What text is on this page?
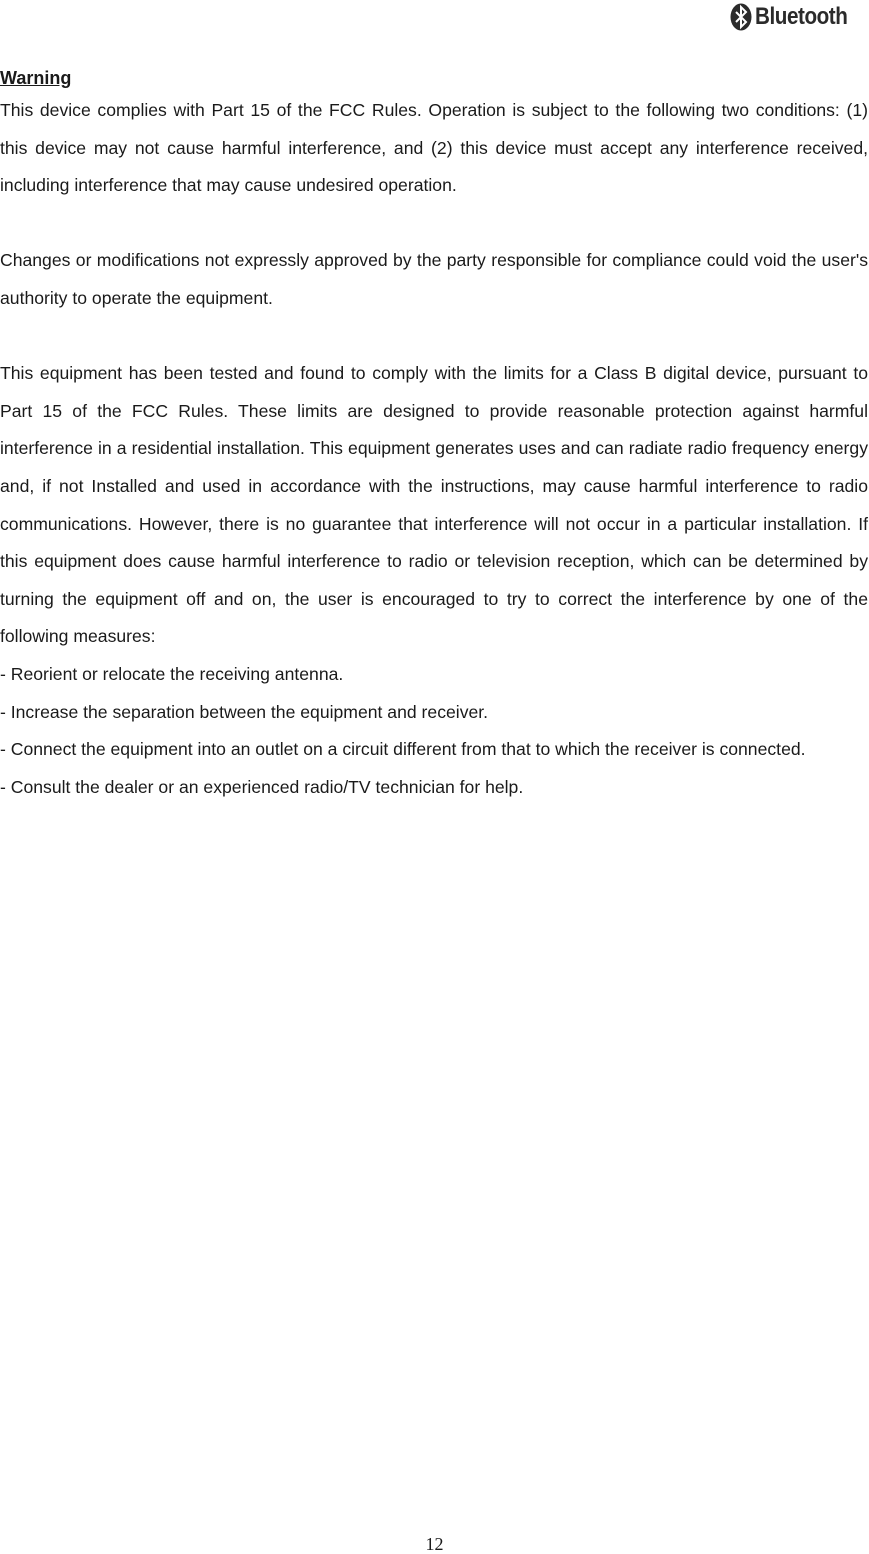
Bluetooth

Warning

This device complies with Part 15 of the FCC Rules. Operation is subject to the following two conditions: (1) this device may not cause harmful interference, and (2) this device must accept any interference received, including interference that may cause undesired operation.

Changes or modifications not expressly approved by the party responsible for compliance could void the user's authority to operate the equipment.

This equipment has been tested and found to comply with the limits for a Class B digital device, pursuant to Part 15 of the FCC Rules. These limits are designed to provide reasonable protection against harmful interference in a residential installation. This equipment generates uses and can radiate radio frequency energy and, if not Installed and used in accordance with the instructions, may cause harmful interference to radio communications. However, there is no guarantee that interference will not occur in a particular installation. If this equipment does cause harmful interference to radio or television reception, which can be determined by turning the equipment off and on, the user is encouraged to try to correct the interference by one of the following measures:

- Reorient or relocate the receiving antenna.

- Increase the separation between the equipment and receiver.

- Connect the equipment into an outlet on a circuit different from that to which the receiver is connected.

- Consult the dealer or an experienced radio/TV technician for help.

12
